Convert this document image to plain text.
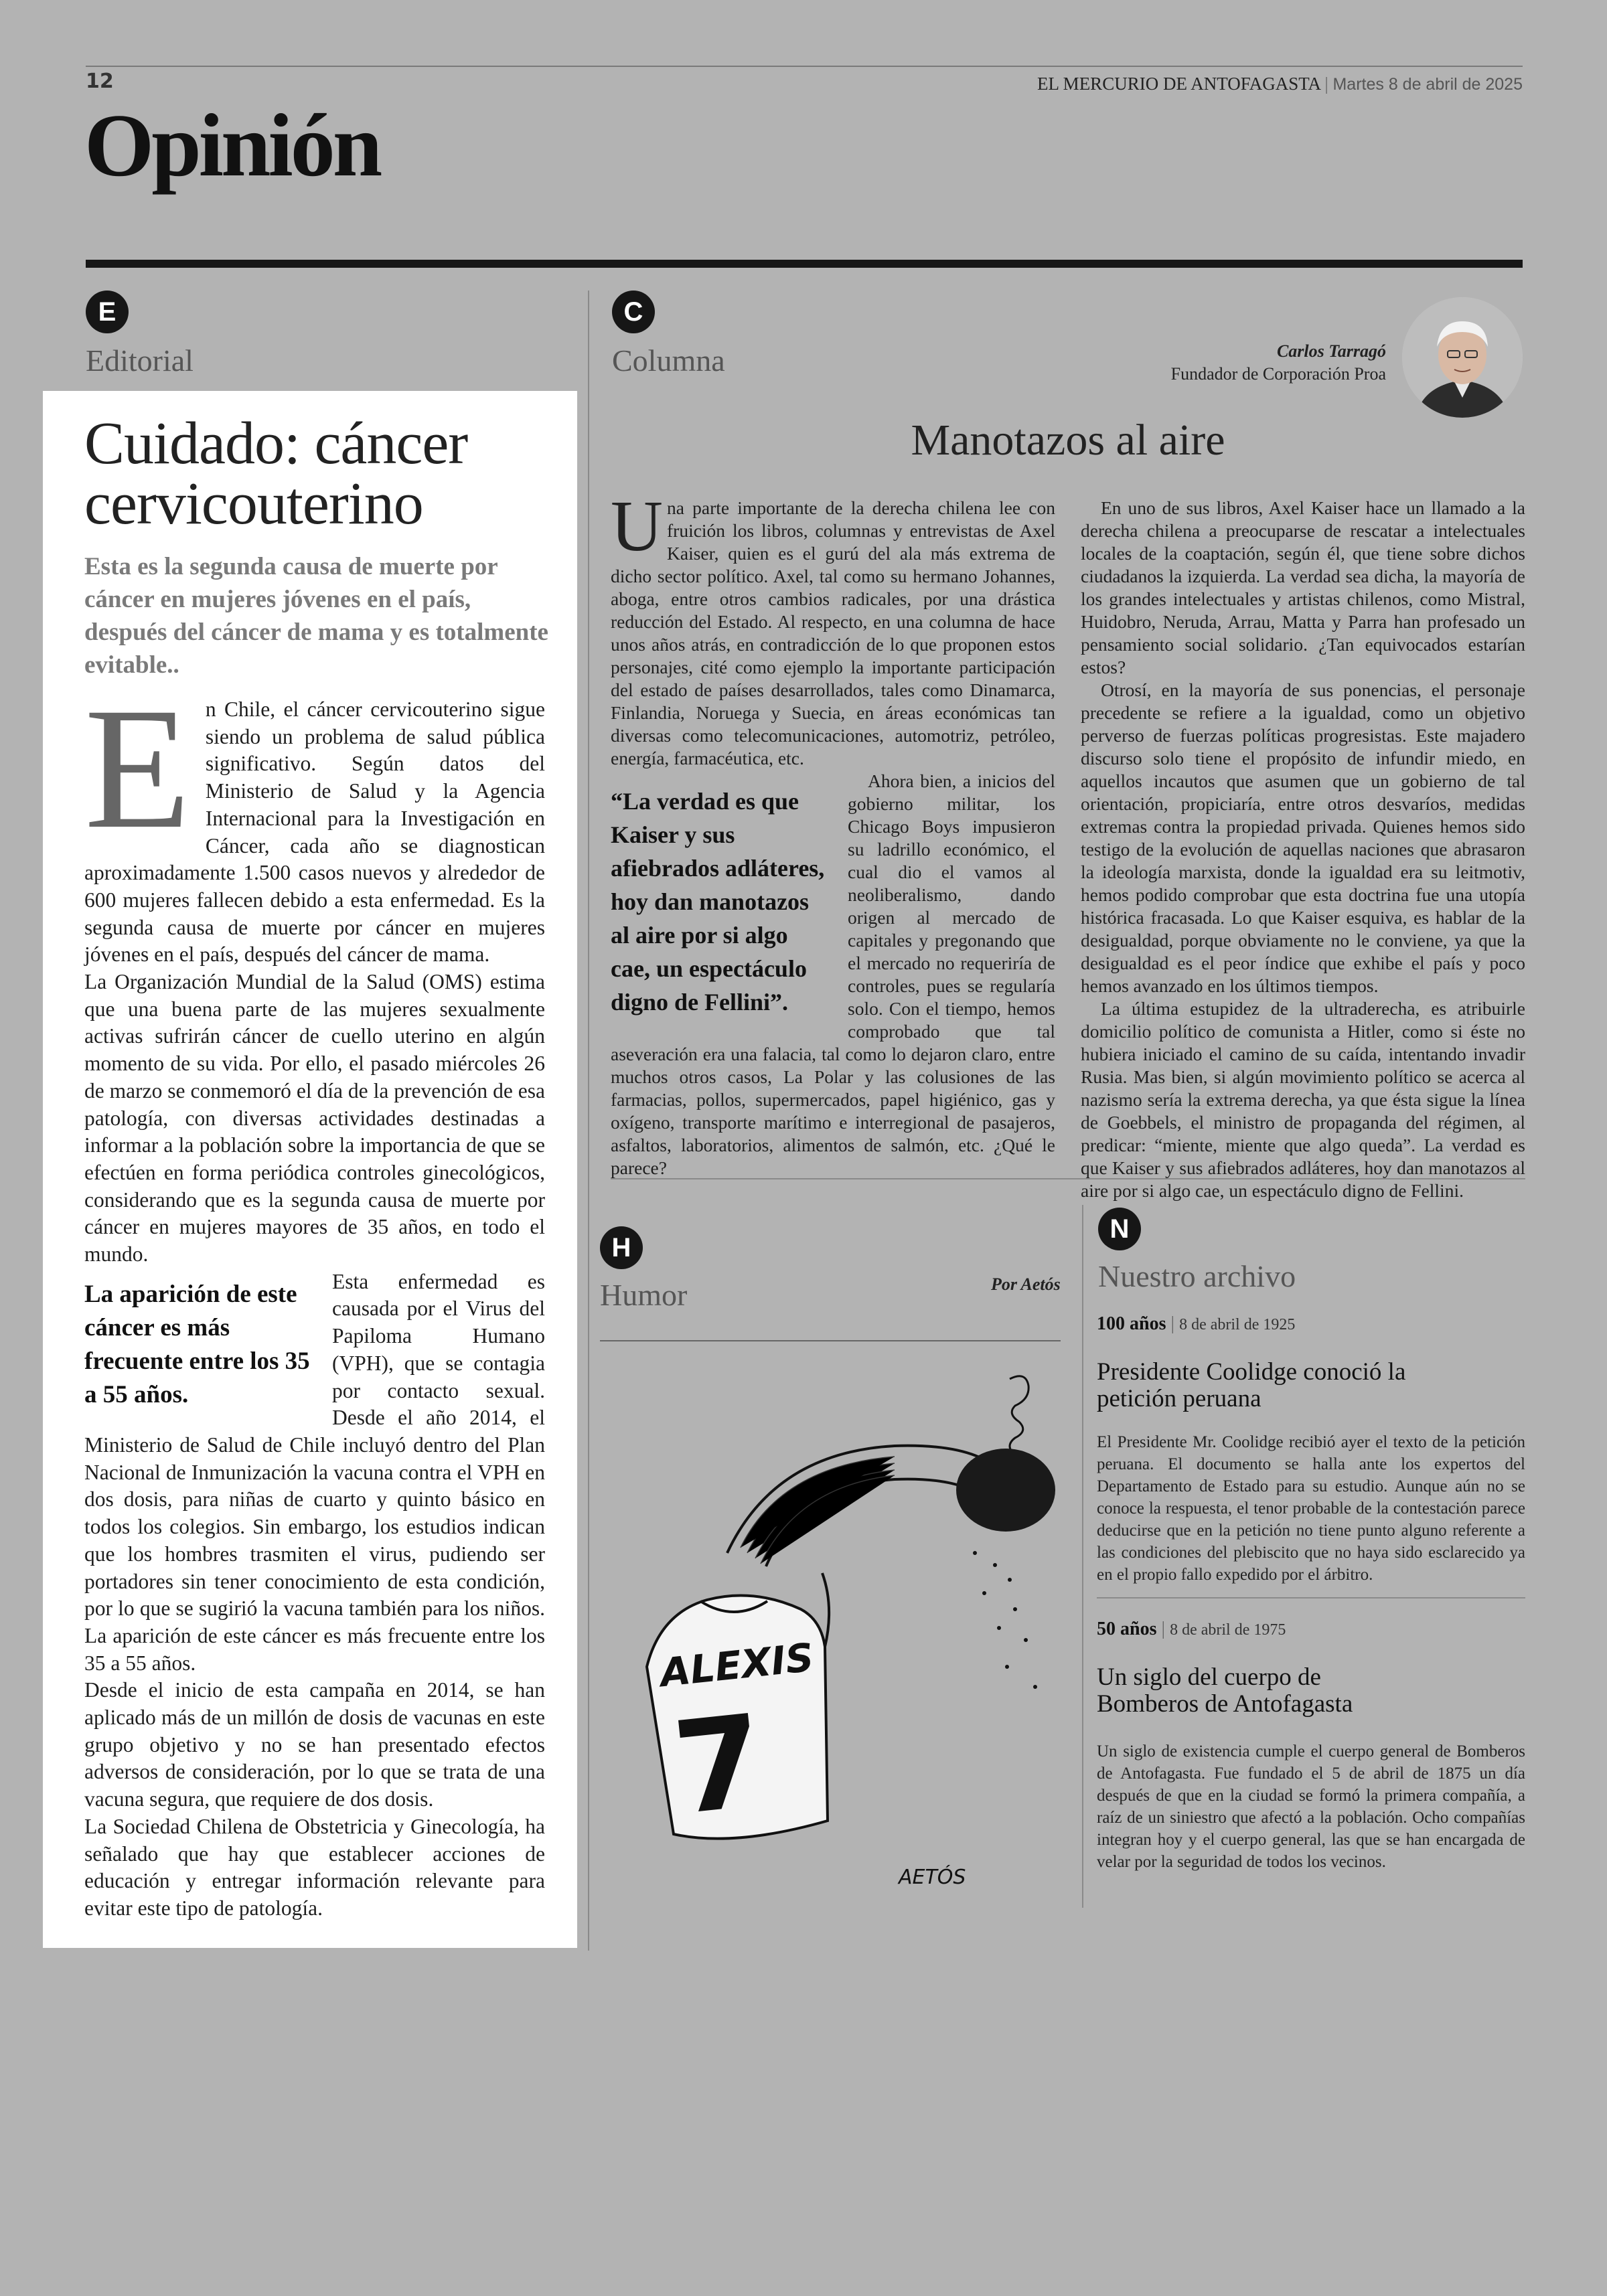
12	EL MERCURIO DE ANTOFAGASTA | Martes 8 de abril de 2025
Opinión
E
Editorial
Cuidado: cáncer cervicouterino
Esta es la segunda causa de muerte por cáncer en mujeres jóvenes en el país, después del cáncer de mama y es totalmente evitable..
E n Chile, el cáncer cervicouterino sigue siendo un problema de salud pública significativo. Según datos del Ministerio de Salud y la Agencia Internacional para la Investigación en Cáncer, cada año se diagnostican aproximadamente 1.500 casos nuevos y alrededor de 600 mujeres fallecen debido a esta enfermedad. Es la segunda causa de muerte por cáncer en mujeres jóvenes en el país, después del cáncer de mama.

La Organización Mundial de la Salud (OMS) estima que una buena parte de las mujeres sexualmente activas sufrirán cáncer de cuello uterino en algún momento de su vida. Por ello, el pasado miércoles 26 de marzo se conmemoró el día de la prevención de esa patología, con diversas actividades destinadas a informar a la población sobre la importancia de que se efectúen en forma periódica controles ginecológicos, considerando que es la segunda causa de muerte por cáncer en mujeres mayores de 35 años, en todo el mundo.

La aparición de este cáncer es más frecuente entre los 35 a 55 años.

Esta enfermedad es causada por el Virus del Papiloma Humano (VPH), que se contagia por contacto sexual. Desde el año 2014, el Ministerio de Salud de Chile incluyó dentro del Plan Nacional de Inmunización la vacuna contra el VPH en dos dosis, para niñas de cuarto y quinto básico en todos los colegios. Sin embargo, los estudios indican que los hombres trasmiten el virus, pudiendo ser portadores sin tener conocimiento de esta condición, por lo que se sugirió la vacuna también para los niños. La aparición de este cáncer es más frecuente entre los 35 a 55 años.

Desde el inicio de esta campaña en 2014, se han aplicado más de un millón de dosis de vacunas en este grupo objetivo y no se han presentado efectos adversos de consideración, por lo que se trata de una vacuna segura, que requiere de dos dosis.

La Sociedad Chilena de Obstetricia y Ginecología, ha señalado que hay que establecer acciones de educación y entregar información relevante para evitar este tipo de patología.

C
Columna	Carlos Tarragó
Fundador de Corporación Proa
Manotazos al aire

Una parte importante de la derecha chilena lee con fruición los libros, columnas y entrevistas de Axel Kaiser, quien es el gurú del ala más extrema de dicho sector político. Axel, tal como su hermano Johannes, aboga, entre otros cambios radicales, por una drástica reducción del Estado. Al respecto, en una columna de hace unos años atrás, en contradicción de lo que proponen estos personajes, cité como ejemplo la importante participación del estado de países desarrollados, tales como Dinamarca, Finlandia, Noruega y Suecia, en áreas económicas tan diversas como telecomunicaciones, automotriz, petróleo, energía, farmacéutica, etc.

“La verdad es que Kaiser y sus afiebrados adláteres, hoy dan manotazos al aire por si algo cae, un espectáculo digno de Fellini”.

Ahora bien, a inicios del gobierno militar, los Chicago Boys impusieron su ladrillo económico, el cual dio el vamos al neoliberalismo, dando origen al mercado de capitales y pregonando que el mercado no requeriría de controles, pues se regularía solo. Con el tiempo, hemos comprobado que tal aseveración era una falacia, tal como lo dejaron claro, entre muchos otros casos, La Polar y las colusiones de las farmacias, pollos, supermercados, papel higiénico, gas y oxígeno, transporte marítimo e interregional de pasajeros, asfaltos, laboratorios, alimentos de salmón, etc. ¿Qué le parece?

En uno de sus libros, Axel Kaiser hace un llamado a la derecha chilena a preocuparse de rescatar a intelectuales locales de la coaptación, según él, que tiene sobre dichos ciudadanos la izquierda. La verdad sea dicha, la mayoría de los grandes intelectuales y artistas chilenos, como Mistral, Huidobro, Neruda, Arrau, Matta y Parra han profesado un pensamiento social solidario. ¿Tan equivocados estarían estos?

Otrosí, en la mayoría de sus ponencias, el personaje precedente se refiere a la igualdad, como un objetivo perverso de fuerzas políticas progresistas. Este majadero discurso solo tiene el propósito de infundir miedo, en aquellos incautos que asumen que un gobierno de tal orientación, propiciaría, entre otros desvaríos, medidas extremas contra la propiedad privada. Quienes hemos sido testigo de la evolución de aquellas naciones que abrasaron la ideología marxista, donde la igualdad era su leitmotiv, hemos podido comprobar que esta doctrina fue una utopía histórica fracasada. Lo que Kaiser esquiva, es hablar de la desigualdad, porque obviamente no le conviene, ya que la desigualdad es el peor índice que exhibe el país y poco hemos avanzado en los últimos tiempos.

La última estupidez de la ultraderecha, es atribuirle domicilio político de comunista a Hitler, como si éste no hubiera iniciado el camino de su caída, intentando invadir Rusia. Mas bien, si algún movimiento político se acerca al nazismo sería la extrema derecha, ya que ésta sigue la línea de Goebbels, el ministro de propaganda del régimen, al predicar: “miente, miente que algo queda”. La verdad es que Kaiser y sus afiebrados adláteres, hoy dan manotazos al aire por si algo cae, un espectáculo digno de Fellini.

H
Humor	Por Aetós
ALEXIS
7
AETÓS
N
Nuestro archivo
100 años | 8 de abril de 1925
Presidente Coolidge conoció la petición peruana
El Presidente Mr. Coolidge recibió ayer el texto de la petición peruana. El documento se halla ante los expertos del Departamento de Estado para su estudio. Aunque aún no se conoce la respuesta, el tenor probable de la contestación parece deducirse que en la petición no tiene punto alguno referente a las condiciones del plebiscito que no haya sido esclarecido ya en el propio fallo expedido por el árbitro.
50 años | 8 de abril de 1975
Un siglo del cuerpo de Bomberos de Antofagasta
Un siglo de existencia cumple el cuerpo general de Bomberos de Antofagasta. Fue fundado el 5 de abril de 1875 un día después de que en la ciudad se formó la primera compañía, a raíz de un siniestro que afectó a la población. Ocho compañías integran hoy y el cuerpo general, las que se han encargada de velar por la seguridad de todos los vecinos.
